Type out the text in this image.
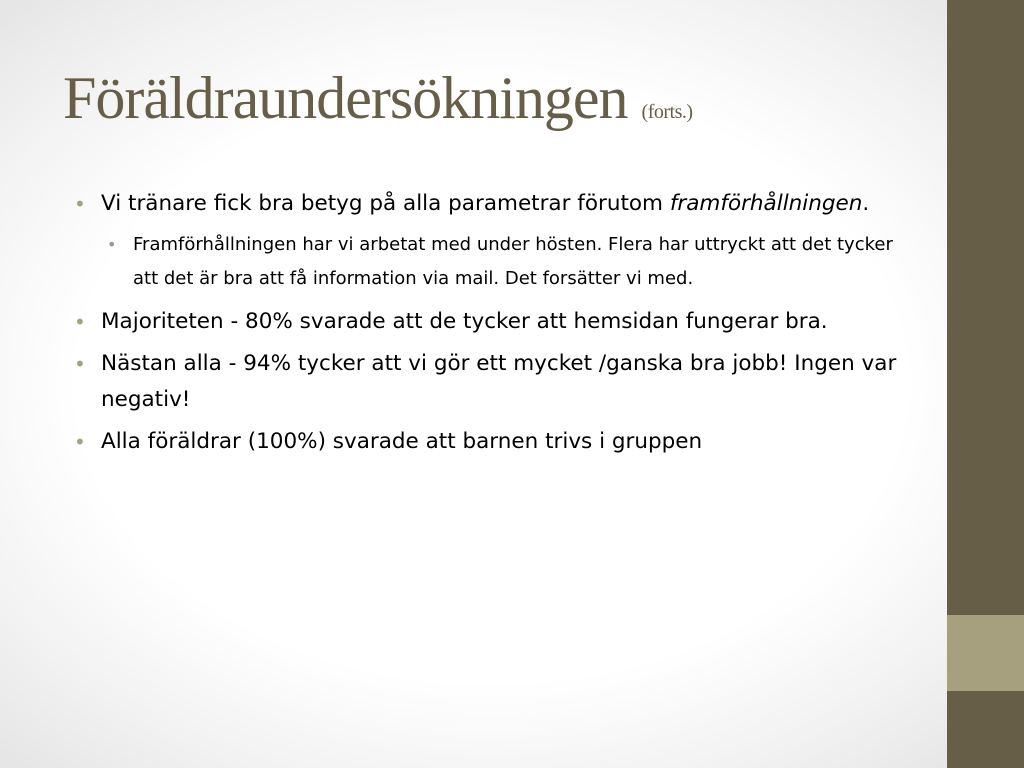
Föräldraundersökningen (forts.)
• Vi tränare fick bra betyg på alla parametrar förutom framförhållningen.
• Framförhållningen har vi arbetat med under hösten. Flera har uttryckt att det tycker att det är bra att få information via mail. Det forsätter vi med.
• Majoriteten - 80% svarade att de tycker att hemsidan fungerar bra.
• Nästan alla - 94% tycker att vi gör ett mycket /ganska bra jobb! Ingen var negativ!
• Alla föräldrar (100%) svarade att barnen trivs i gruppen
